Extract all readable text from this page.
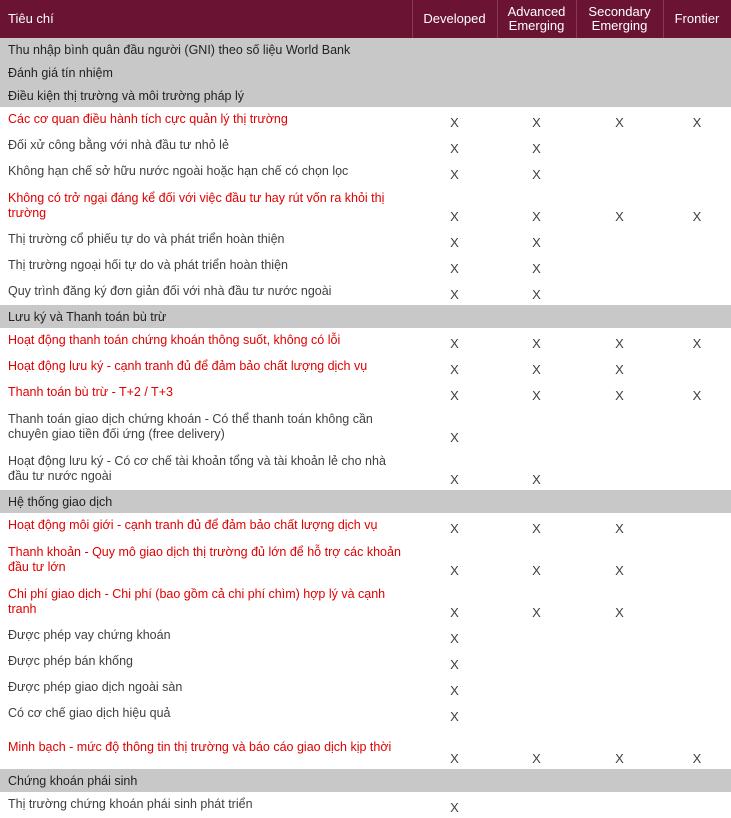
Tiêu chí	Developed	Advanced Emerging	Secondary Emerging	Frontier
Thu nhập bình quân đầu người (GNI) theo số liệu World Bank				
Đánh giá tín nhiệm				
Điều kiện thị trường và môi trường pháp lý				
Các cơ quan điều hành tích cực quản lý thị trường	X	X	X	X
Đối xử công bằng với nhà đầu tư nhỏ lẻ	X	X		
Không hạn chế sở hữu nước ngoài hoặc hạn chế có chọn lọc	X	X		
Không có trở ngại đáng kể đối với việc đầu tư hay rút vốn ra khỏi thị trường	X	X	X	X
Thị trường cổ phiếu tự do và phát triển hoàn thiện	X	X		
Thị trường ngoại hối tự do và phát triển hoàn thiện	X	X		
Quy trình đăng ký đơn giản đối với nhà đầu tư nước ngoài	X	X		
Lưu ký và Thanh toán bù trừ				
Hoạt động thanh toán chứng khoán thông suốt, không có lỗi	X	X	X	X
Hoạt động lưu ký - cạnh tranh đủ để đảm bảo chất lượng dịch vụ	X	X	X	
Thanh toán bù trừ - T+2 / T+3	X	X	X	X
Thanh toán giao dịch chứng khoán - Có thể thanh toán không cần chuyên giao tiền đối ứng (free delivery)	X			
Hoạt động lưu ký - Có cơ chế tài khoản tổng và tài khoản lẻ cho nhà đầu tư nước ngoài	X	X		
Hệ thống giao dịch				
Hoạt động môi giới - cạnh tranh đủ để đảm bảo chất lượng dịch vụ	X	X	X	
Thanh khoản - Quy mô giao dịch thị trường đủ lớn để hỗ trợ các khoản đầu tư lớn	X	X	X	
Chi phí giao dịch - Chi phí (bao gồm cả chi phí chìm) hợp lý và cạnh tranh	X	X	X	
Được phép vay chứng khoán	X			
Được phép bán khống	X			
Được phép giao dịch ngoài sàn	X			
Có cơ chế giao dịch hiệu quả	X			
Minh bạch - mức độ thông tin thị trường và báo cáo giao dịch kịp thời	X	X	X	X
Chứng khoán phái sinh				
Thị trường chứng khoán phái sinh phát triển	X			
